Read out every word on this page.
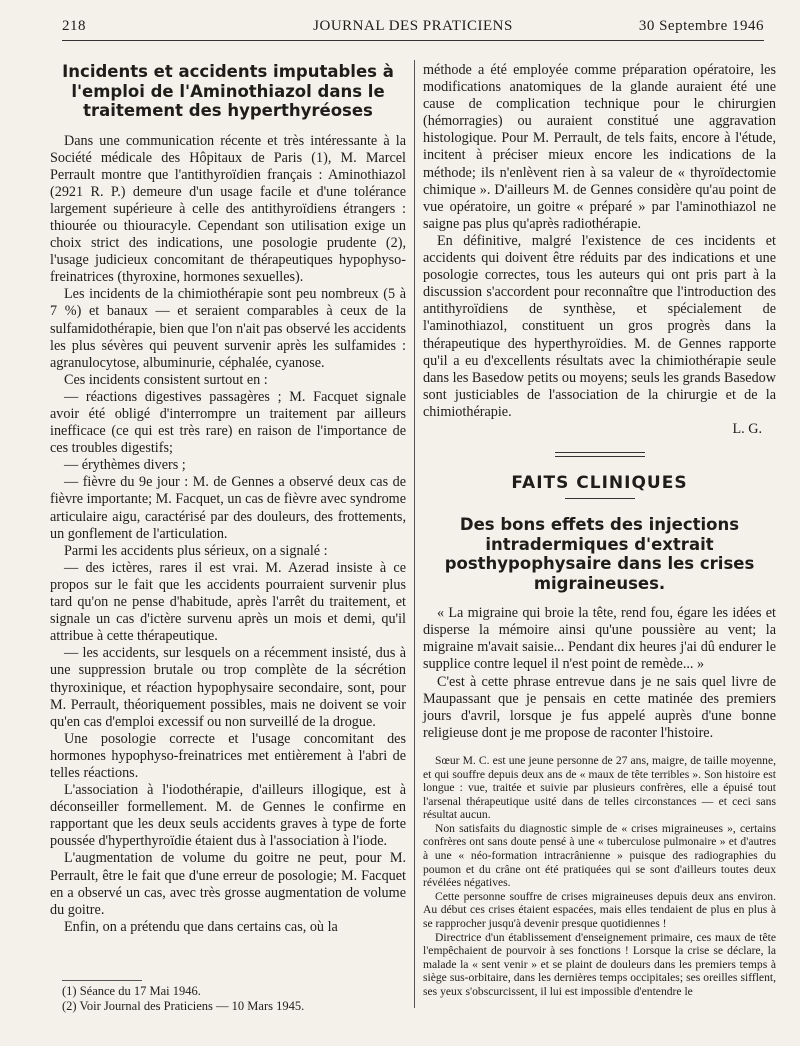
218	JOURNAL DES PRATICIENS	30 Septembre 1946
Incidents et accidents imputables à l'emploi de l'Aminothiazol dans le traitement des hyperthyréoses

Dans une communication récente et très intéressante à la Société médicale des Hôpitaux de Paris (1), M. Marcel Perrault montre que l'antithyroïdien français : Aminothiazol (2921 R. P.) demeure d'un usage facile et d'une tolérance largement supérieure à celle des antithyroïdiens étrangers : thiourée ou thiouracyle. Cependant son utilisation exige un choix strict des indications, une posologie prudente (2), l'usage judicieux concomitant de thérapeutiques hypophyso-freinatrices (thyroxine, hormones sexuelles).

Les incidents de la chimiothérapie sont peu nombreux (5 à 7 %) et banaux — et seraient comparables à ceux de la sulfamidothérapie, bien que l'on n'ait pas observé les accidents les plus sévères qui peuvent survenir après les sulfamides : agranulocytose, albuminurie, céphalée, cyanose.

Ces incidents consistent surtout en :

— réactions digestives passagères ; M. Facquet signale avoir été obligé d'interrompre un traitement par ailleurs inefficace (ce qui est très rare) en raison de l'importance de ces troubles digestifs;

— érythèmes divers ;

— fièvre du 9e jour : M. de Gennes a observé deux cas de fièvre importante; M. Facquet, un cas de fièvre avec syndrome articulaire aigu, caractérisé par des douleurs, des frottements, un gonflement de l'articulation.

Parmi les accidents plus sérieux, on a signalé :

— des ictères, rares il est vrai. M. Azerad insiste à ce propos sur le fait que les accidents pourraient survenir plus tard qu'on ne pense d'habitude, après l'arrêt du traitement, et signale un cas d'ictère survenu après un mois et demi, qu'il attribue à cette thérapeutique.

— les accidents, sur lesquels on a récemment insisté, dus à une suppression brutale ou trop complète de la sécrétion thyroxinique, et réaction hypophysaire secondaire, sont, pour M. Perrault, théoriquement possibles, mais ne doivent se voir qu'en cas d'emploi excessif ou non surveillé de la drogue.

Une posologie correcte et l'usage concomitant des hormones hypophyso-freinatrices met entièrement à l'abri de telles réactions.

L'association à l'iodothérapie, d'ailleurs illogique, est à déconseiller formellement. M. de Gennes le confirme en rapportant que les deux seuls accidents graves à type de forte poussée d'hyperthyroïdie étaient dus à l'association à l'iode.

L'augmentation de volume du goitre ne peut, pour M. Perrault, être le fait que d'une erreur de posologie; M. Facquet en a observé un cas, avec très grosse augmentation de volume du goitre.

Enfin, on a prétendu que dans certains cas, où la

(1) Séance du 17 Mai 1946.

(2) Voir Journal des Praticiens — 10 Mars 1945.

méthode a été employée comme préparation opératoire, les modifications anatomiques de la glande auraient été une cause de complication technique pour le chirurgien (hémorragies) ou auraient constitué une aggravation histologique. Pour M. Perrault, de tels faits, encore à l'étude, incitent à préciser mieux encore les indications de la méthode; ils n'enlèvent rien à sa valeur de « thyroïdectomie chimique ». D'ailleurs M. de Gennes considère qu'au point de vue opératoire, un goitre « préparé » par l'aminothiazol ne saigne pas plus qu'après radiothérapie.

En définitive, malgré l'existence de ces incidents et accidents qui doivent être réduits par des indications et une posologie correctes, tous les auteurs qui ont pris part à la discussion s'accordent pour reconnaître que l'introduction des antithyroïdiens de synthèse, et spécialement de l'aminothiazol, constituent un gros progrès dans la thérapeutique des hyperthyroïdies. M. de Gennes rapporte qu'il a eu d'excellents résultats avec la chimiothérapie seule dans les Basedow petits ou moyens; seuls les grands Basedow sont justiciables de l'association de la chirurgie et de la chimiothérapie.

L. G.

FAITS CLINIQUES
Des bons effets des injections intradermiques d'extrait posthypophysaire dans les crises migraineuses.

« La migraine qui broie la tête, rend fou, égare les idées et disperse la mémoire ainsi qu'une poussière au vent; la migraine m'avait saisie... Pendant dix heures j'ai dû endurer le supplice contre lequel il n'est point de remède... »

C'est à cette phrase entrevue dans je ne sais quel livre de Maupassant que je pensais en cette matinée des premiers jours d'avril, lorsque je fus appelé auprès d'une bonne religieuse dont je me propose de raconter l'histoire.

Sœur M. C. est une jeune personne de 27 ans, maigre, de taille moyenne, et qui souffre depuis deux ans de « maux de tête terribles ». Son histoire est longue : vue, traitée et suivie par plusieurs confrères, elle a épuisé tout l'arsenal thérapeutique usité dans de telles circonstances — et ceci sans résultat aucun.

Non satisfaits du diagnostic simple de « crises migraineuses », certains confrères ont sans doute pensé à une « tuberculose pulmonaire » et d'autres à une « néo-formation intracrânienne » puisque des radiographies du poumon et du crâne ont été pratiquées qui se sont d'ailleurs toutes deux révélées négatives.

Cette personne souffre de crises migraineuses depuis deux ans environ. Au début ces crises étaient espacées, mais elles tendaient de plus en plus à se rapprocher jusqu'à devenir presque quotidiennes !

Directrice d'un établissement d'enseignement primaire, ces maux de tête l'empêchaient de pourvoir à ses fonctions ! Lorsque la crise se déclare, la malade la « sent venir » et se plaint de douleurs dans les premiers temps à siège sus-orbitaire, dans les dernières temps occipitales; ses oreilles sifflent, ses yeux s'obscurcissent, il lui est impossible d'entendre le
